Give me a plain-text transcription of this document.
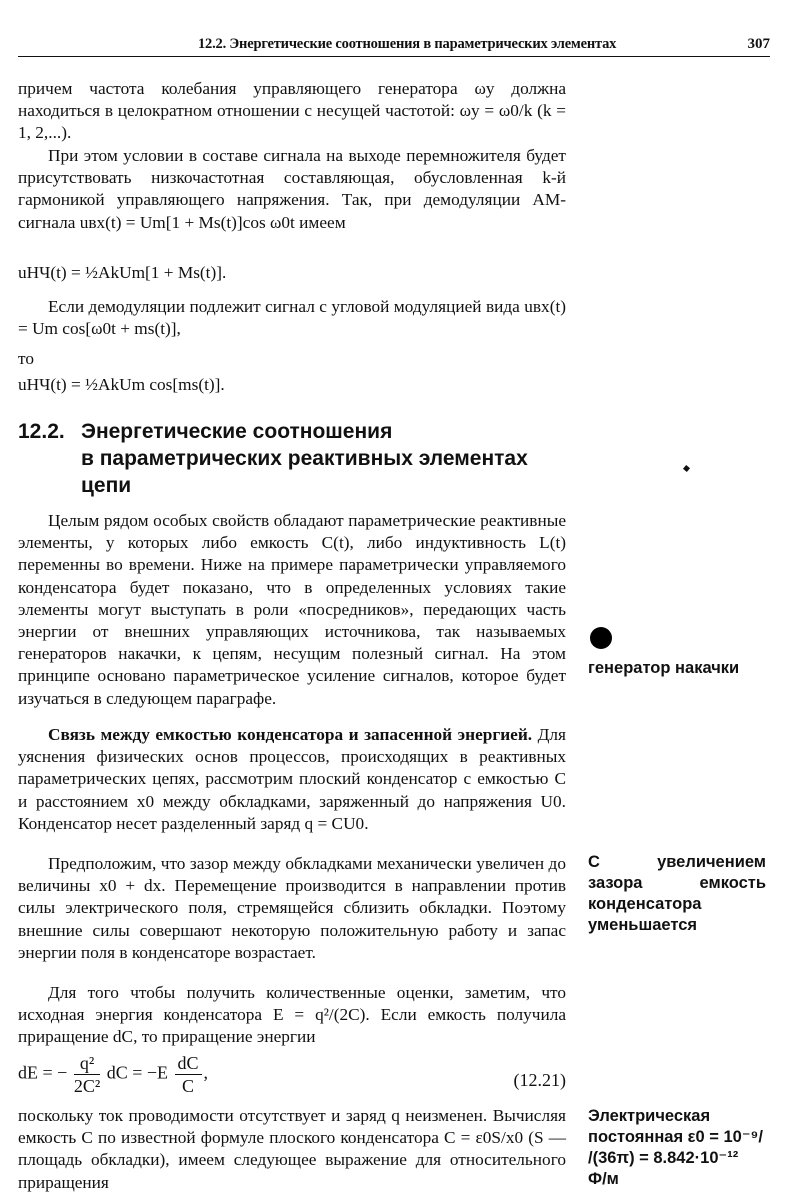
12.2. Энергетические соотношения в параметрических элементах	307

причем частота колебания управляющего генератора ωу должна находиться в целократном отношении с несущей частотой: ωу = ω0/k (k = 1, 2,...).

При этом условии в составе сигнала на выходе перемножителя будет присутствовать низкочастотная составляющая, обусловленная k-й гармоникой управляющего напряжения. Так, при демодуляции АМ-сигнала uвх(t) = Um[1 + Ms(t)]cos ω0t имеем

uНЧ(t) = ½AkUm[1 + Ms(t)].

Если демодуляции подлежит сигнал с угловой модуляцией вида uвх(t) = Um cos[ω0t + ms(t)],

то
uНЧ(t) = ½AkUm cos[ms(t)].
12.2. Энергетические соотношения
в параметрических реактивных элементах
цепи

Целым рядом особых свойств обладают параметрические реактивные элементы, у которых либо емкость C(t), либо индуктивность L(t) переменны во времени. Ниже на примере параметрически управляемого конденсатора будет показано, что в определенных условиях такие элементы могут выступать в роли «посредников», передающих часть энергии от внешних управляющих источникова, так называемых генераторов накачки, к цепям, несущим полезный сигнал. На этом принципе основано параметрическое усиление сигналов, которое будет изучаться в следующем параграфе.

Связь между емкостью конденсатора и запасенной энергией. Для уяснения физических основ процессов, происходящих в реактивных параметрических цепях, рассмотрим плоский конденсатор с емкостью C и расстоянием x0 между обкладками, заряженный до напряжения U0. Конденсатор несет разделенный заряд q = CU0.

Предположим, что зазор между обкладками механически увеличен до величины x0 + dx. Перемещение производится в направлении против силы электрического поля, стремящейся сблизить обкладки. Поэтому внешние силы совершают некоторую положительную работу и запас энергии поля в конденсаторе возрастает.

Для того чтобы получить количественные оценки, заметим, что исходная энергия конденсатора E = q²/(2C). Если емкость получила приращение dC, то приращение энергии

dE = − $\frac{\text{q²}}{\text{2C²}}$ dC = $-E \frac{dC}{C}$ ,	(12.21)

поскольку ток проводимости отсутствует и заряд q неизменен. Вычисляя емкость C по известной формуле плоского конденсатора C = ε0S/x0 (S — площадь обкладки), имеем следующее выражение для относительного приращения

генератор накачки
С увеличением зазора емкость конденсатора уменьшается
Электрическая постоянная ε0 = 10⁻⁹/
/(36π) = 8.842·10⁻¹²
Ф/м
